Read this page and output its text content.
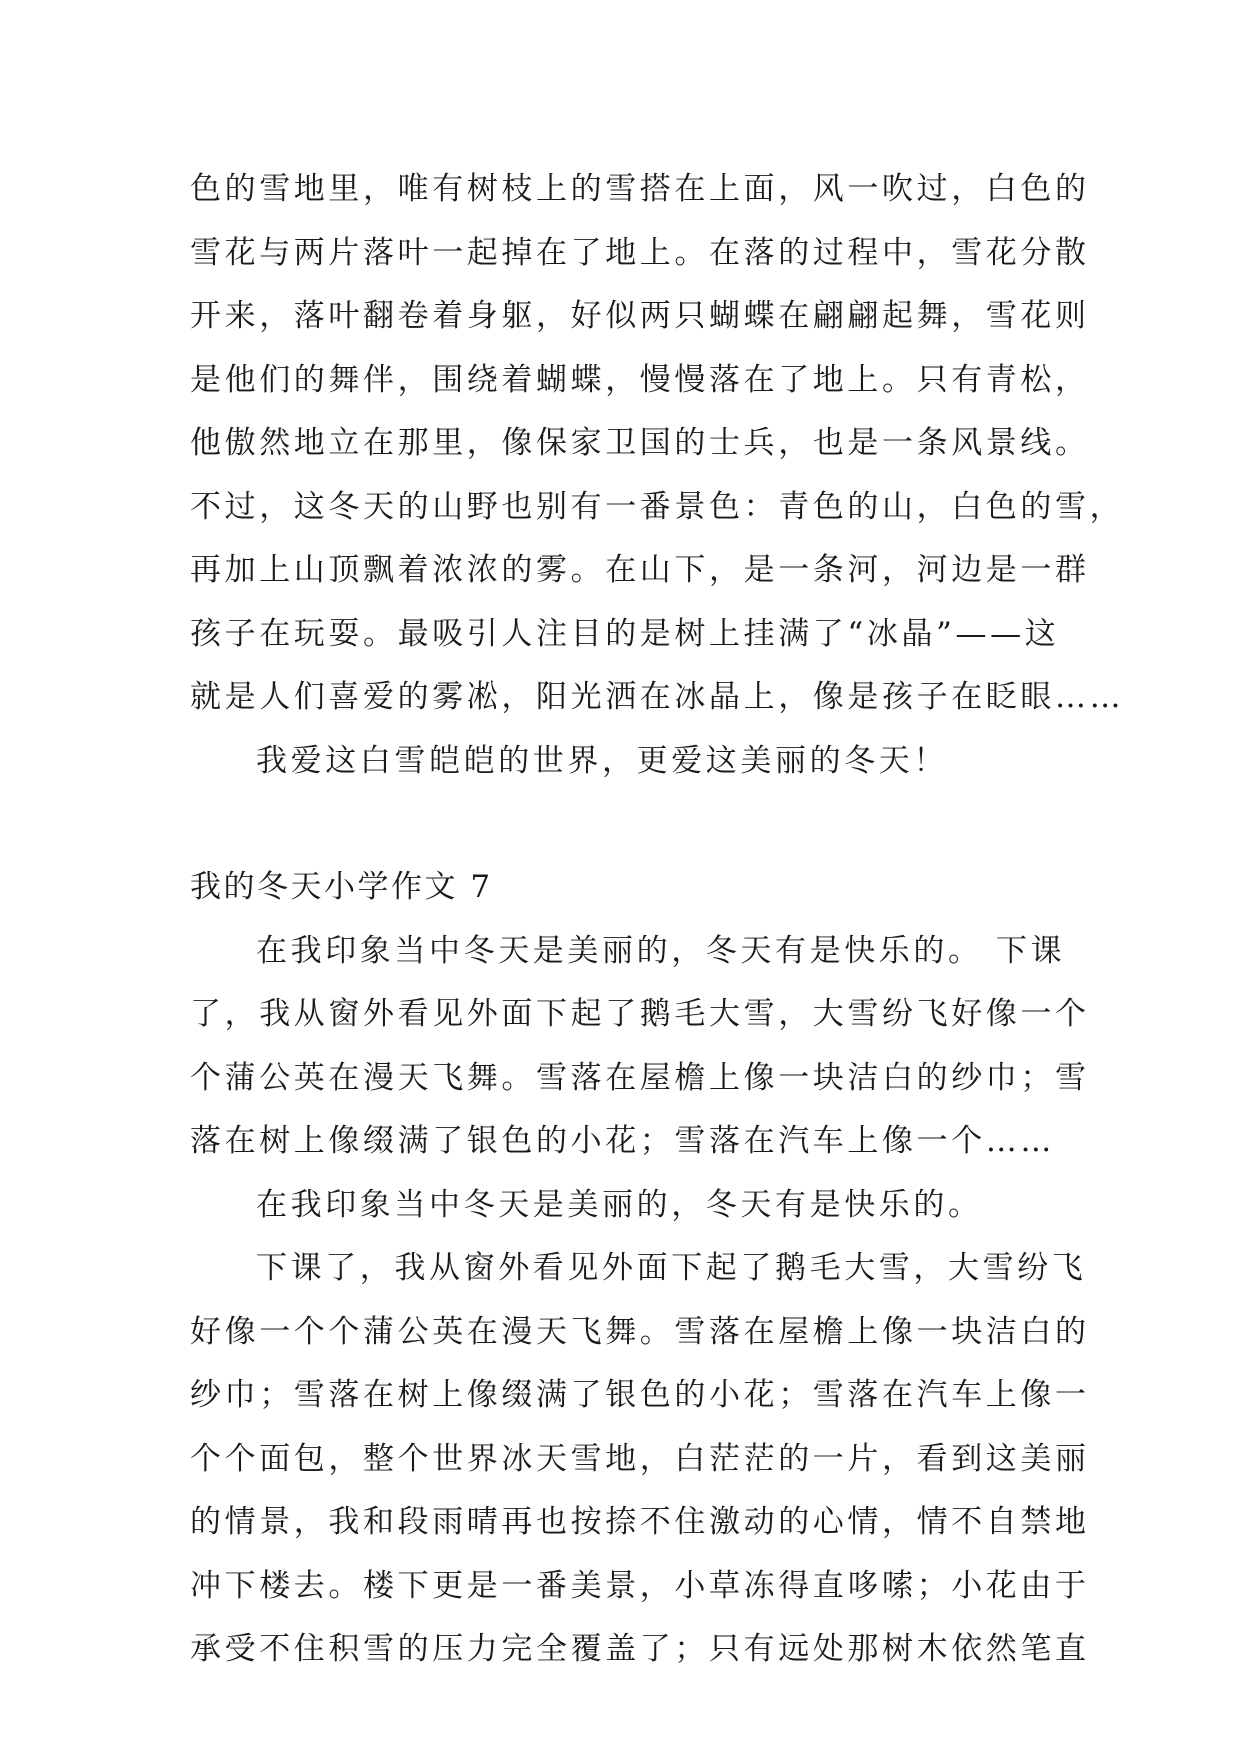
色的雪地里，唯有树枝上的雪搭在上面，风一吹过，白色的
雪花与两片落叶一起掉在了地上。在落的过程中，雪花分散
开来，落叶翻卷着身躯，好似两只蝴蝶在翩翩起舞，雪花则
是他们的舞伴，围绕着蝴蝶，慢慢落在了地上。只有青松，
他傲然地立在那里，像保家卫国的士兵，也是一条风景线。
不过，这冬天的山野也别有一番景色：青色的山，白色的雪，
再加上山顶飘着浓浓的雾。在山下，是一条河，河边是一群
孩子在玩耍。最吸引人注目的是树上挂满了“冰晶”——这
就是人们喜爱的雾凇，阳光洒在冰晶上，像是孩子在眨眼……
我爱这白雪皑皑的世界，更爱这美丽的冬天！
我的冬天小学作文 7
在我印象当中冬天是美丽的，冬天有是快乐的。 下课
了，我从窗外看见外面下起了鹅毛大雪，大雪纷飞好像一个
个蒲公英在漫天飞舞。雪落在屋檐上像一块洁白的纱巾；雪
落在树上像缀满了银色的小花；雪落在汽车上像一个……
在我印象当中冬天是美丽的，冬天有是快乐的。
下课了，我从窗外看见外面下起了鹅毛大雪，大雪纷飞
好像一个个蒲公英在漫天飞舞。雪落在屋檐上像一块洁白的
纱巾；雪落在树上像缀满了银色的小花；雪落在汽车上像一
个个面包，整个世界冰天雪地，白茫茫的一片，看到这美丽
的情景，我和段雨晴再也按捺不住激动的心情，情不自禁地
冲下楼去。楼下更是一番美景，小草冻得直哆嗦；小花由于
承受不住积雪的压力完全覆盖了；只有远处那树木依然笔直
